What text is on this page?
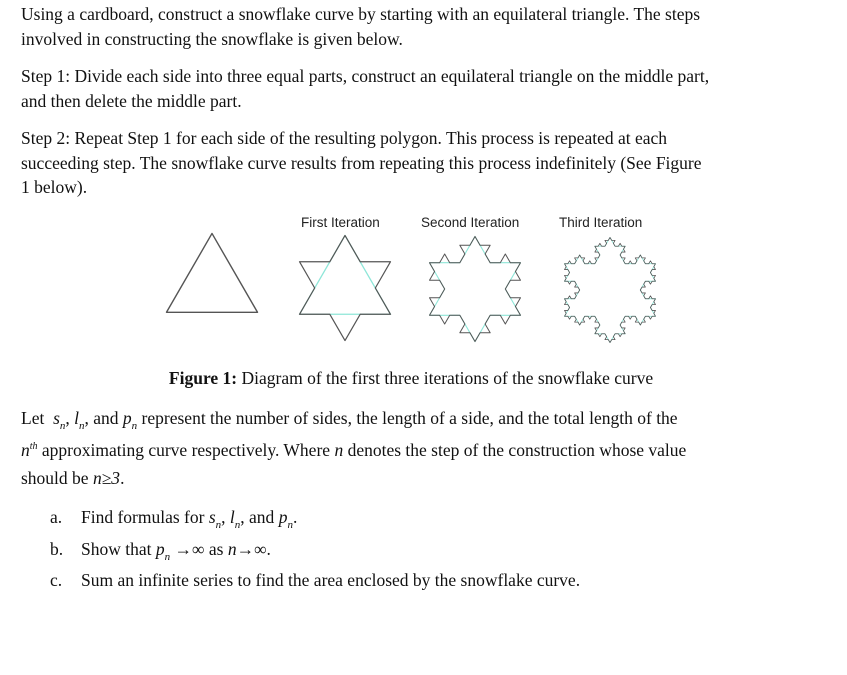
Using a cardboard, construct a snowflake curve by starting with an equilateral triangle. The steps
involved in constructing the snowflake is given below.
Step 1: Divide each side into three equal parts, construct an equilateral triangle on the middle part,
and then delete the middle part.
Step 2: Repeat Step 1 for each side of the resulting polygon. This process is repeated at each
succeeding step. The snowflake curve results from repeating this process indefinitely (See Figure
1 below).
First Iteration	Second Iteration	Third Iteration
Figure 1: Diagram of the first three iterations of the snowflake curve
Let $s_n$, $l_n$, and $p_n$ represent the number of sides, the length of a side, and the total length of the
$n^{th}$ approximating curve respectively. Where n denotes the step of the construction whose value
should be n≥3.
a. Find formulas for $s_n$, $l_n$, and $p_n$.
b. Show that $p_n$ →∞ as n→∞.
c. Sum an infinite series to find the area enclosed by the snowflake curve.
